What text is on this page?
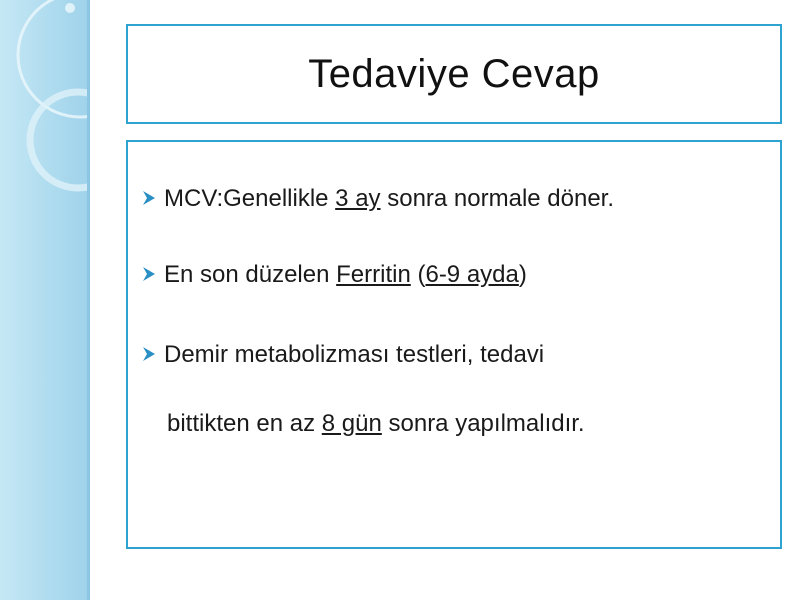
Tedaviye Cevap
MCV:Genellikle 3 ay sonra normale döner.
En son düzelen Ferritin (6-9 ayda)
Demir metabolizması testleri, tedavi
bittikten en az 8 gün sonra yapılmalıdır.
